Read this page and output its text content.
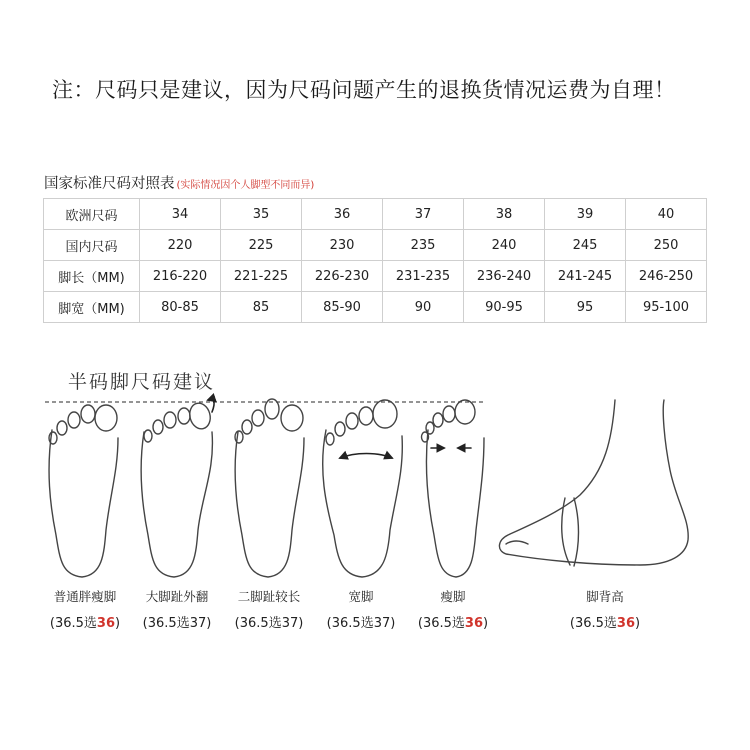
注：尺码只是建议，因为尺码问题产生的退换货情况运费为自理！
国家标准尺码对照表 (实际情况因个人脚型不同而异)
欧洲尺码	34	35	36	37	38	39	40
国内尺码	220	225	230	235	240	245	250
脚长（MM)	216-220	221-225	226-230	231-235	236-240	241-245	246-250
脚宽（MM)	80-85	85	85-90	90	90-95	95	95-100
半码脚尺码建议
普通胖瘦脚
(36.5选36)
大脚趾外翻
(36.5选37)
二脚趾较长
(36.5选37)
宽脚
(36.5选37)
瘦脚
(36.5选36)
脚背高
(36.5选36)
